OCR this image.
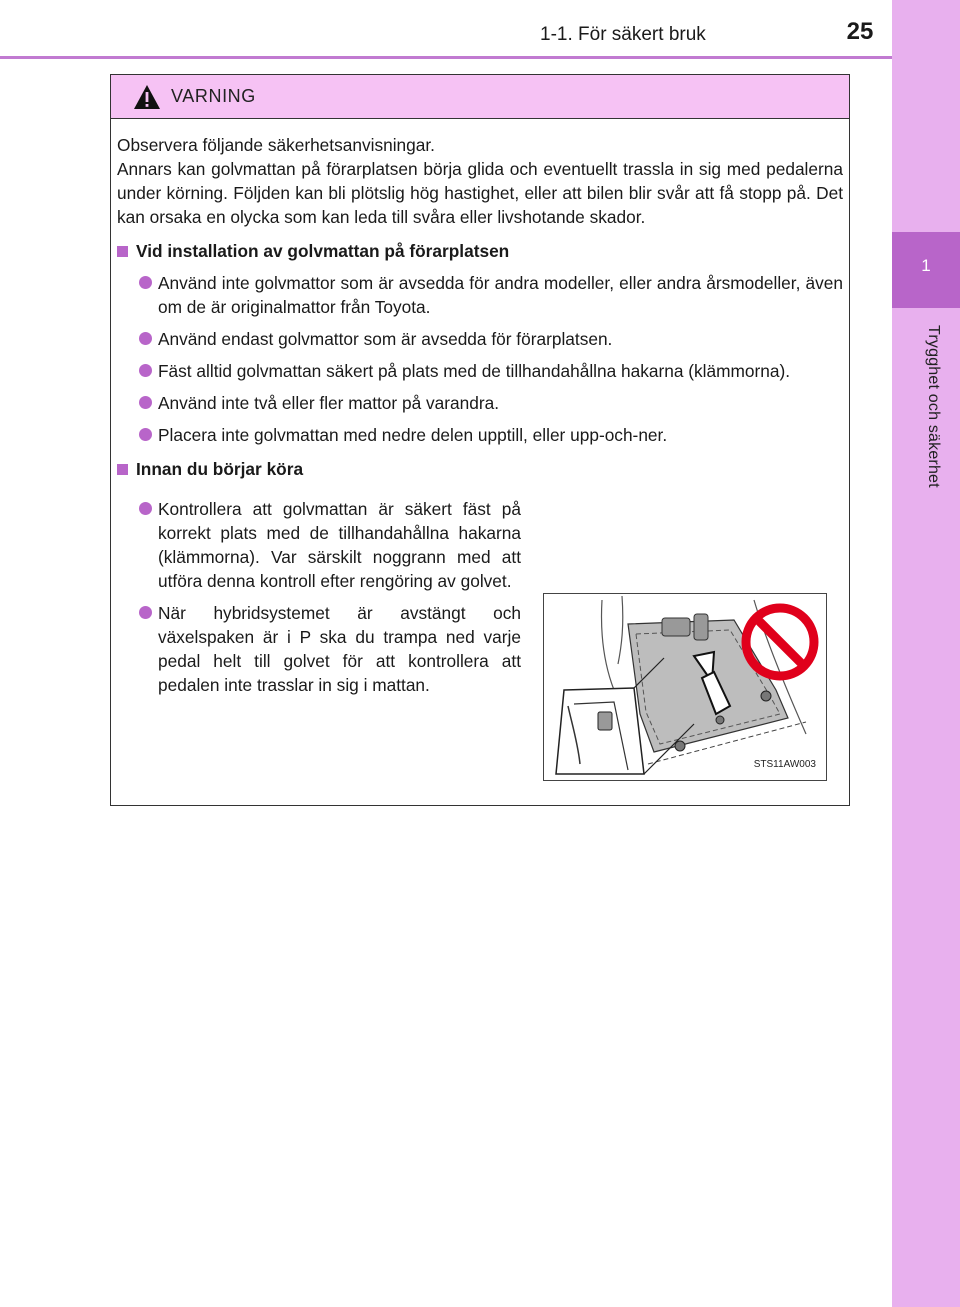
1-1. För säkert bruk	25
1
Trygghet och säkerhet
VARNING

Observera följande säkerhetsanvisningar.

Annars kan golvmattan på förarplatsen börja glida och eventuellt trassla in sig med pedalerna under körning. Följden kan bli plötslig hög hastighet, eller att bilen blir svår att få stopp på. Det kan orsaka en olycka som kan leda till svåra eller livshotande skador.

Vid installation av golvmattan på förarplatsen
Använd inte golvmattor som är avsedda för andra modeller, eller andra årsmodeller, även om de är originalmattor från Toyota.
Använd endast golvmattor som är avsedda för förarplatsen.
Fäst alltid golvmattan säkert på plats med de tillhandahållna hakarna (klämmorna).
Använd inte två eller fler mattor på varandra.
Placera inte golvmattan med nedre delen upptill, eller upp-och-ner.
Innan du börjar köra
Kontrollera att golvmattan är säkert fäst på korrekt plats med de tillhandahållna hakarna (klämmorna). Var särskilt noggrann med att utföra denna kontroll efter rengöring av golvet.
När hybridsystemet är avstängt och växelspaken är i P ska du trampa ned varje pedal helt till golvet för att kontrollera att pedalen inte trasslar in sig i mattan.
STS11AW003
